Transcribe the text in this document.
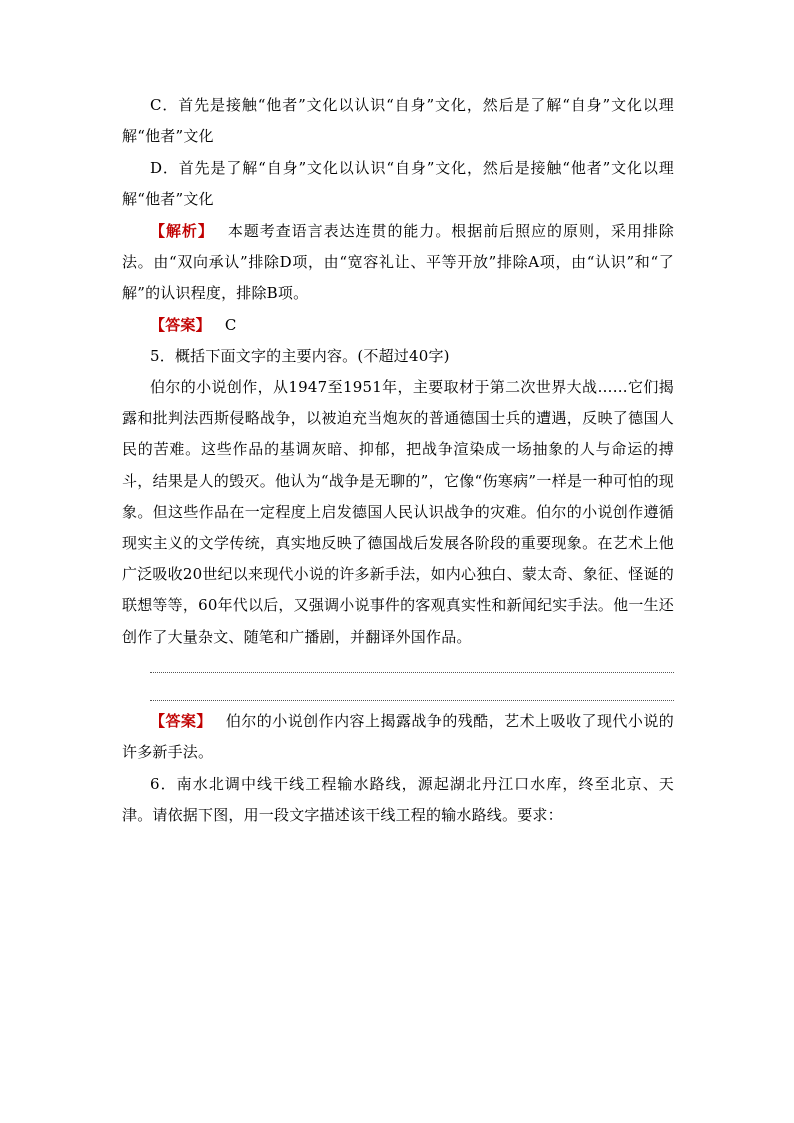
C．首先是接触“他者”文化以认识“自身”文化，然后是了解“自身”文化以理解“他者”文化
D．首先是了解“自身”文化以认识“自身”文化，然后是接触“他者”文化以理解“他者”文化
【解析】 本题考查语言表达连贯的能力。根据前后照应的原则，采用排除法。由“双向承认”排除D项，由“宽容礼让、平等开放”排除A项，由“认识”和“了解”的认识程度，排除B项。
【答案】 C
5．概括下面文字的主要内容。(不超过40字)
伯尔的小说创作，从1947至1951年，主要取材于第二次世界大战……它们揭露和批判法西斯侵略战争，以被迫充当炮灰的普通德国士兵的遭遇，反映了德国人民的苦难。这些作品的基调灰暗、抑郁，把战争渲染成一场抽象的人与命运的搏斗，结果是人的毁灭。他认为“战争是无聊的”，它像“伤寒病”一样是一种可怕的现象。但这些作品在一定程度上启发德国人民认识战争的灾难。伯尔的小说创作遵循现实主义的文学传统，真实地反映了德国战后发展各阶段的重要现象。在艺术上他广泛吸收20世纪以来现代小说的许多新手法，如内心独白、蒙太奇、象征、怪诞的联想等等，60年代以后，又强调小说事件的客观真实性和新闻纪实手法。他一生还创作了大量杂文、随笔和广播剧，并翻译外国作品。
【答案】 伯尔的小说创作内容上揭露战争的残酷，艺术上吸收了现代小说的许多新手法。
6．南水北调中线干线工程输水路线，源起湖北丹江口水库，终至北京、天津。请依据下图，用一段文字描述该干线工程的输水路线。要求：
